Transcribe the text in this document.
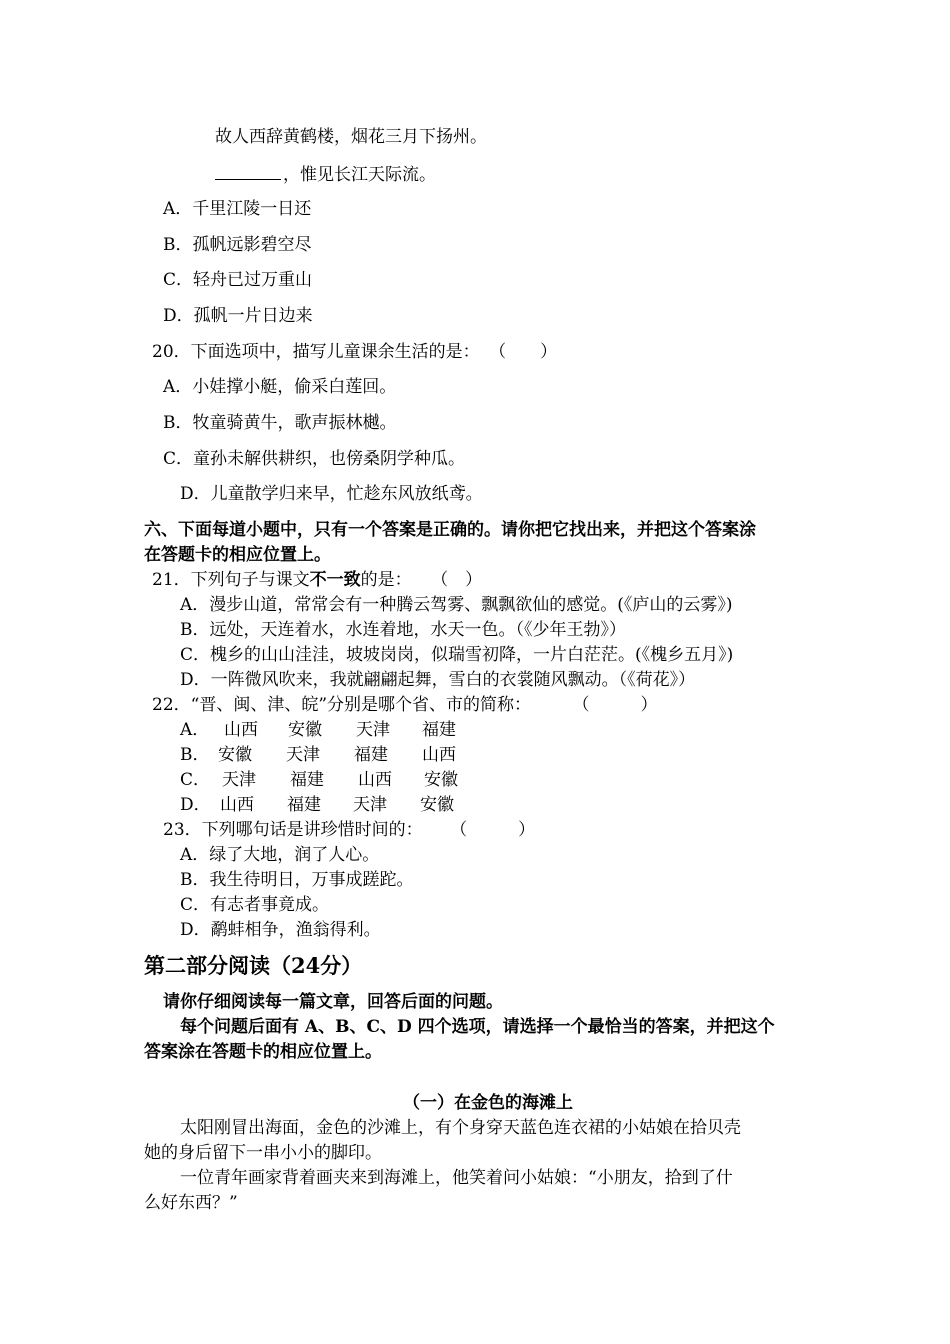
故人西辞黄鹤楼，烟花三月下扬州。
，惟见长江天际流。
A．千里江陵一日还
B．孤帆远影碧空尽
C．轻舟已过万重山
D．孤帆一片日边来
20．下面选项中，描写儿童课余生活的是： （　　）
A．小娃撑小艇，偷采白莲回。
B．牧童骑黄牛，歌声振林樾。
C．童孙未解供耕织，也傍桑阴学种瓜。
D．儿童散学归来早，忙趁东风放纸鸢。
六、下面每道小题中，只有一个答案是正确的。请你把它找出来，并把这个答案涂
在答题卡的相应位置上。
21．下列句子与课文不一致的是： （　）
A．漫步山道，常常会有一种腾云驾雾、飘飘欲仙的感觉。(《庐山的云雾》)
B．远处，天连着水，水连着地，水天一色。（《少年王勃》）
C．槐乡的山山洼洼，坡坡岗岗，似瑞雪初降，一片白茫茫。(《槐乡五月》)
D．一阵微风吹来，我就翩翩起舞，雪白的衣裳随风飘动。（《荷花》）
22．“晋、闽、津、皖”分别是哪个省、市的简称：	（　　　）
A． 山西 安徽 天津 福建
B． 安徽 天津 福建 山西
C． 天津 福建 山西 安徽
D． 山西 福建 天津 安徽
23．下列哪句话是讲珍惜时间的： （　　　）
A．绿了大地，润了人心。
B．我生待明日，万事成蹉跎。
C．有志者事竟成。
D．鹬蚌相争，渔翁得利。
第二部分阅读（24分）
请你仔细阅读每一篇文章，回答后面的问题。
每个问题后面有 A、B、C、D 四个选项，请选择一个最恰当的答案，并把这个
答案涂在答题卡的相应位置上。
（一）在金色的海滩上
太阳刚冒出海面，金色的沙滩上，有个身穿天蓝色连衣裙的小姑娘在拾贝壳
她的身后留下一串小小的脚印。
一位青年画家背着画夹来到海滩上，他笑着问小姑娘：“小朋友，拾到了什
么好东西？”
